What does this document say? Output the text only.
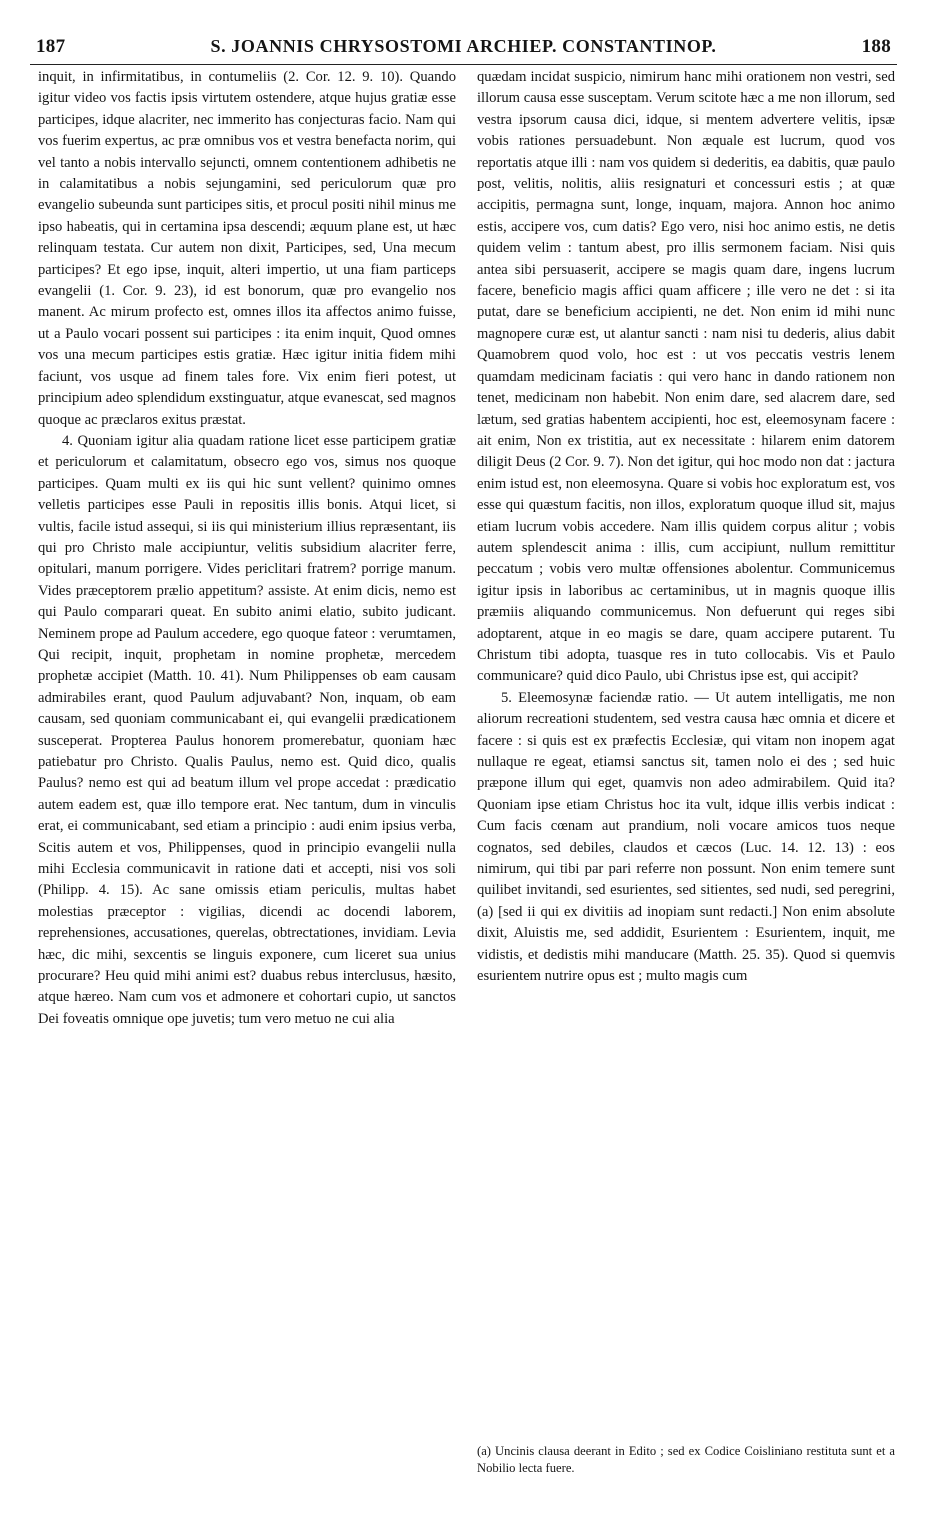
187	S. JOANNIS CHRYSOSTOMI ARCHIEP. CONSTANTINOP.	188

inquit, in infirmitatibus, in contumeliis (2. Cor. 12. 9. 10). Quando igitur video vos factis ipsis virtutem ostendere, atque hujus gratiæ esse participes, idque alacriter, nec immerito has conjecturas facio. Nam qui vos fuerim expertus, ac præ omnibus vos et vestra benefacta norim, qui vel tanto a nobis intervallo sejuncti, omnem contentionem adhibetis ne in calamitatibus a nobis sejungamini, sed periculorum quæ pro evangelio subeunda sunt participes sitis, et procul positi nihil minus me ipso habeatis, qui in certamina ipsa descendi; æquum plane est, ut hæc relinquam testata. Cur autem non dixit, Participes, sed, Una mecum participes? Et ego ipse, inquit, alteri impertio, ut una fiam particeps evangelii (1. Cor. 9. 23), id est bonorum, quæ pro evangelio nos manent. Ac mirum profecto est, omnes illos ita affectos animo fuisse, ut a Paulo vocari possent sui participes : ita enim inquit, Quod omnes vos una mecum participes estis gratiæ. Hæc igitur initia fidem mihi faciunt, vos usque ad finem tales fore. Vix enim fieri potest, ut principium adeo splendidum exstinguatur, atque evanescat, sed magnos quoque ac præclaros exitus præstat.

4. Quoniam igitur alia quadam ratione licet esse participem gratiæ et periculorum et calamitatum, obsecro ego vos, simus nos quoque participes. Quam multi ex iis qui hic sunt vellent? quinimo omnes velletis participes esse Pauli in repositis illis bonis. Atqui licet, si vultis, facile istud assequi, si iis qui ministerium illius repræsentant, iis qui pro Christo male accipiuntur, velitis subsidium alacriter ferre, opitulari, manum porrigere. Vides periclitari fratrem? porrige manum. Vides præceptorem prælio appetitum? assiste. At enim dicis, nemo est qui Paulo comparari queat. En subito animi elatio, subito judicant. Neminem prope ad Paulum accedere, ego quoque fateor : verumtamen, Qui recipit, inquit, prophetam in nomine prophetæ, mercedem prophetæ accipiet (Matth. 10. 41). Num Philippenses ob eam causam admirabiles erant, quod Paulum adjuvabant? Non, inquam, ob eam causam, sed quoniam communicabant ei, qui evangelii prædicationem susceperat. Propterea Paulus honorem promerebatur, quoniam hæc patiebatur pro Christo. Qualis Paulus, nemo est. Quid dico, qualis Paulus? nemo est qui ad beatum illum vel prope accedat : prædicatio autem eadem est, quæ illo tempore erat. Nec tantum, dum in vinculis erat, ei communicabant, sed etiam a principio : audi enim ipsius verba, Scitis autem et vos, Philippenses, quod in principio evangelii nulla mihi Ecclesia communicavit in ratione dati et accepti, nisi vos soli (Philipp. 4. 15). Ac sane omissis etiam periculis, multas habet molestias præceptor : vigilias, dicendi ac docendi laborem, reprehensiones, accusationes, querelas, obtrectationes, invidiam. Levia hæc, dic mihi, sexcentis se linguis exponere, cum liceret sua unius procurare? Heu quid mihi animi est? duabus rebus interclusus, hæsito, atque hæreo. Nam cum vos et admonere et cohortari cupio, ut sanctos Dei foveatis omnique ope juvetis; tum vero metuo ne cui alia

quædam incidat suspicio, nimirum hanc mihi orationem non vestri, sed illorum causa esse susceptam. Verum scitote hæc a me non illorum, sed vestra ipsorum causa dici, idque, si mentem advertere velitis, ipsæ vobis rationes persuadebunt. Non æquale est lucrum, quod vos reportatis atque illi : nam vos quidem si dederitis, ea dabitis, quæ paulo post, velitis, nolitis, aliis resignaturi et concessuri estis ; at quæ accipitis, permagna sunt, longe, inquam, majora. Annon hoc animo estis, accipere vos, cum datis? Ego vero, nisi hoc animo estis, ne detis quidem velim : tantum abest, pro illis sermonem faciam. Nisi quis antea sibi persuaserit, accipere se magis quam dare, ingens lucrum facere, beneficio magis affici quam afficere ; ille vero ne det : si ita putat, dare se beneficium accipienti, ne det. Non enim id mihi nunc magnopere curæ est, ut alantur sancti : nam nisi tu dederis, alius dabit Quamobrem quod volo, hoc est : ut vos peccatis vestris lenem quamdam medicinam faciatis : qui vero hanc in dando rationem non tenet, medicinam non habebit. Non enim dare, sed alacrem dare, sed lætum, sed gratias habentem accipienti, hoc est, eleemosynam facere : ait enim, Non ex tristitia, aut ex necessitate : hilarem enim datorem diligit Deus (2 Cor. 9. 7). Non det igitur, qui hoc modo non dat : jactura enim istud est, non eleemosyna. Quare si vobis hoc exploratum est, vos esse qui quæstum facitis, non illos, exploratum quoque illud sit, majus etiam lucrum vobis accedere. Nam illis quidem corpus alitur ; vobis autem splendescit anima : illis, cum accipiunt, nullum remittitur peccatum ; vobis vero multæ offensiones abolentur. Communicemus igitur ipsis in laboribus ac certaminibus, ut in magnis quoque illis præmiis aliquando communicemus. Non defuerunt qui reges sibi adoptarent, atque in eo magis se dare, quam accipere putarent. Tu Christum tibi adopta, tuasque res in tuto collocabis. Vis et Paulo communicare? quid dico Paulo, ubi Christus ipse est, qui accipit?

5. Eleemosynæ faciendæ ratio. — Ut autem intelligatis, me non aliorum recreationi studentem, sed vestra causa hæc omnia et dicere et facere : si quis est ex præfectis Ecclesiæ, qui vitam non inopem agat nullaque re egeat, etiamsi sanctus sit, tamen nolo ei des ; sed huic præpone illum qui eget, quamvis non adeo admirabilem. Quid ita? Quoniam ipse etiam Christus hoc ita vult, idque illis verbis indicat : Cum facis cœnam aut prandium, noli vocare amicos tuos neque cognatos, sed debiles, claudos et cæcos (Luc. 14. 12. 13) : eos nimirum, qui tibi par pari referre non possunt. Non enim temere sunt quilibet invitandi, sed esurientes, sed sitientes, sed nudi, sed peregrini, (a) [sed ii qui ex divitiis ad inopiam sunt redacti.] Non enim absolute dixit, Aluistis me, sed addidit, Esurientem : Esurientem, inquit, me vidistis, et dedistis mihi manducare (Matth. 25. 35). Quod si quemvis esurientem nutrire opus est ; multo magis cum

(a) Uncinis clausa deerant in Edito ; sed ex Codice Coisliniano restituta sunt et a Nobilio lecta fuere.
